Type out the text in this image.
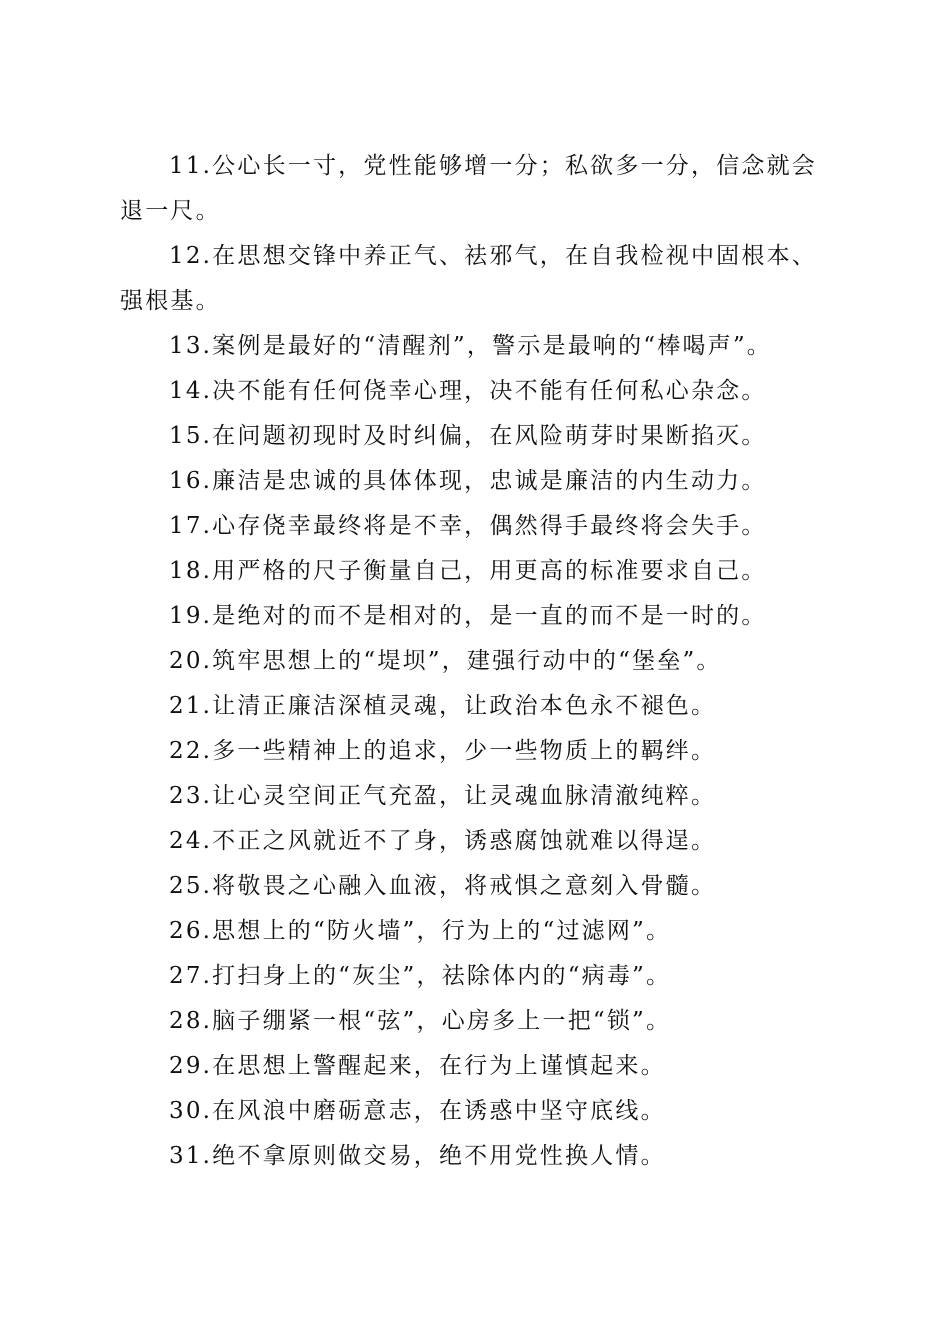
11.公心长一寸，党性能够增一分；私欲多一分，信念就会退一尺。

12.在思想交锋中养正气、祛邪气，在自我检视中固根本、强根基。

13.案例是最好的“清醒剂”，警示是最响的“棒喝声”。

14.决不能有任何侥幸心理，决不能有任何私心杂念。

15.在问题初现时及时纠偏，在风险萌芽时果断掐灭。

16.廉洁是忠诚的具体体现，忠诚是廉洁的内生动力。

17.心存侥幸最终将是不幸，偶然得手最终将会失手。

18.用严格的尺子衡量自己，用更高的标准要求自己。

19.是绝对的而不是相对的，是一直的而不是一时的。

20.筑牢思想上的“堤坝”，建强行动中的“堡垒”。

21.让清正廉洁深植灵魂，让政治本色永不褪色。

22.多一些精神上的追求，少一些物质上的羁绊。

23.让心灵空间正气充盈，让灵魂血脉清澈纯粹。

24.不正之风就近不了身，诱惑腐蚀就难以得逞。

25.将敬畏之心融入血液，将戒惧之意刻入骨髓。

26.思想上的“防火墙”，行为上的“过滤网”。

27.打扫身上的“灰尘”，祛除体内的“病毒”。

28.脑子绷紧一根“弦”，心房多上一把“锁”。

29.在思想上警醒起来，在行为上谨慎起来。

30.在风浪中磨砺意志，在诱惑中坚守底线。

31.绝不拿原则做交易，绝不用党性换人情。
